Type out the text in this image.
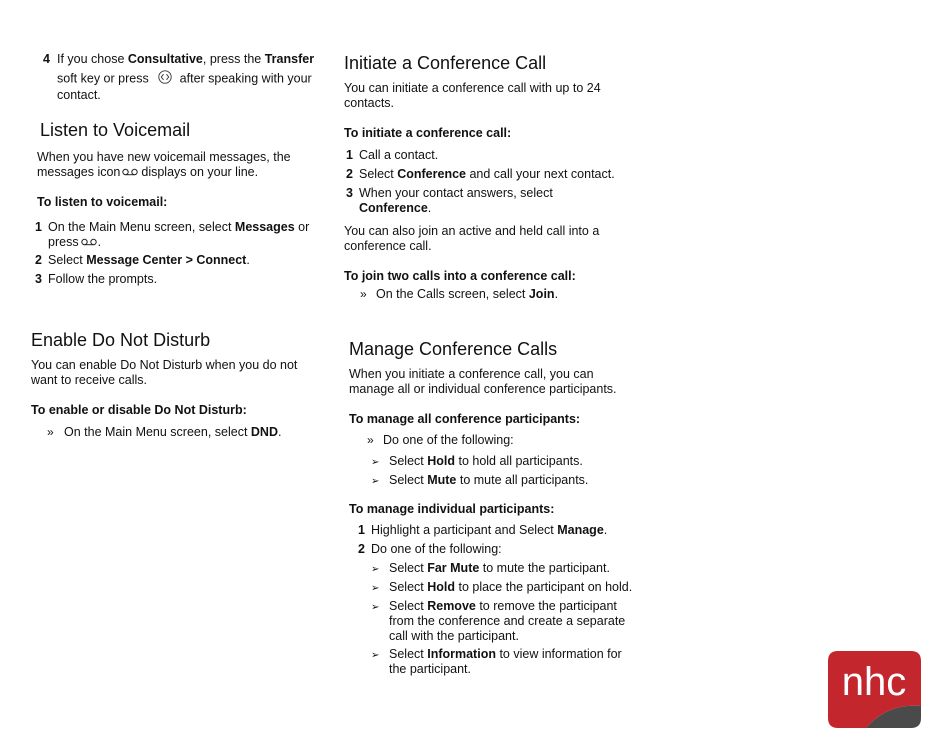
4 If you chose Consultative, press the Transfer
soft key or press after speaking with your
contact.
Listen to Voicemail
When you have new voicemail messages, the
messages icon displays on your line.
To listen to voicemail:
1 On the Main Menu screen, select Messages or
press .
2 Select Message Center > Connect.
3 Follow the prompts.
Enable Do Not Disturb
You can enable Do Not Disturb when you do not
want to receive calls.
To enable or disable Do Not Disturb:
» On the Main Menu screen, select DND.
Initiate a Conference Call
You can initiate a conference call with up to 24
contacts.
To initiate a conference call:
1 Call a contact.
2 Select Conference and call your next contact.
3 When your contact answers, select
Conference.
You can also join an active and held call into a
conference call.
To join two calls into a conference call:
» On the Calls screen, select Join.
Manage Conference Calls
When you initiate a conference call, you can
manage all or individual conference participants.
To manage all conference participants:
» Do one of the following:
➢ Select Hold to hold all participants.
➢ Select Mute to mute all participants.
To manage individual participants:
1 Highlight a participant and Select Manage.
2 Do one of the following:
➢ Select Far Mute to mute the participant.
➢ Select Hold to place the participant on hold.
➢ Select Remove to remove the participant
from the conference and create a separate
call with the participant.
➢ Select Information to view information for
the participant.	nhc
